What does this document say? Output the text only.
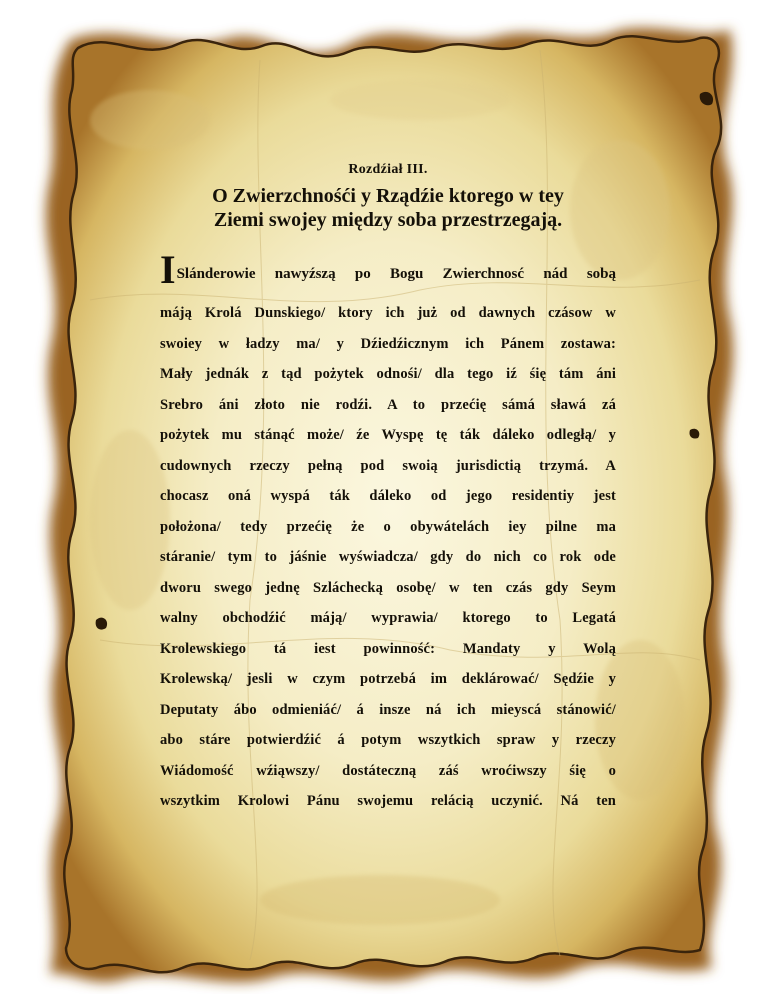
Rozdźiał III.
O Zwierzchnośći y Rządźie ktorego w tey
Ziemi swojey między soba przestrzegają.
I Slánderowie nawyźszą po Bogu Zwierchnosć nád sobą
máją Krolá Dunskiego/ ktory ich już od dawnych czásow w
swoiey w ładzy ma/ y Dźiedźicznym ich Pánem zostawa:
Mały jednák z tąd pożytek odnośi/ dla tego iź śię tám áni
Srebro áni złoto nie rodźi. A to przećię sámá sławá zá
pożytek mu stánąć może/ źe Wyspę tę ták dáleko odległą/ y
cudownych rzeczy pełną pod swoią jurisdictią trzymá. A
chocasz oná wyspá ták dáleko od jego residentiy jest
położona/ tedy przećię że o obywátelách iey pilne ma
stáranie/ tym to jáśnie wyświadcza/ gdy do nich co rok ode
dworu swego jednę Szláchecką osobę/ w ten czás gdy Seym
walny obchodźić máją/ wyprawia/ ktorego to Legatá
Krolewskiego tá iest powinność: Mandaty y Wolą
Krolewską/ jesli w czym potrzebá im deklárować/ Sędźie y
Deputaty ábo odmieniáć/ á insze ná ich mieyscá stánowić/
abo stáre potwierdźić á potym wszytkich spraw y rzeczy
Wiádomość wźiąwszy/ dostáteczną záś wroćiwszy śię o
wszytkim Krolowi Pánu swojemu relácią uczynić. Ná ten
